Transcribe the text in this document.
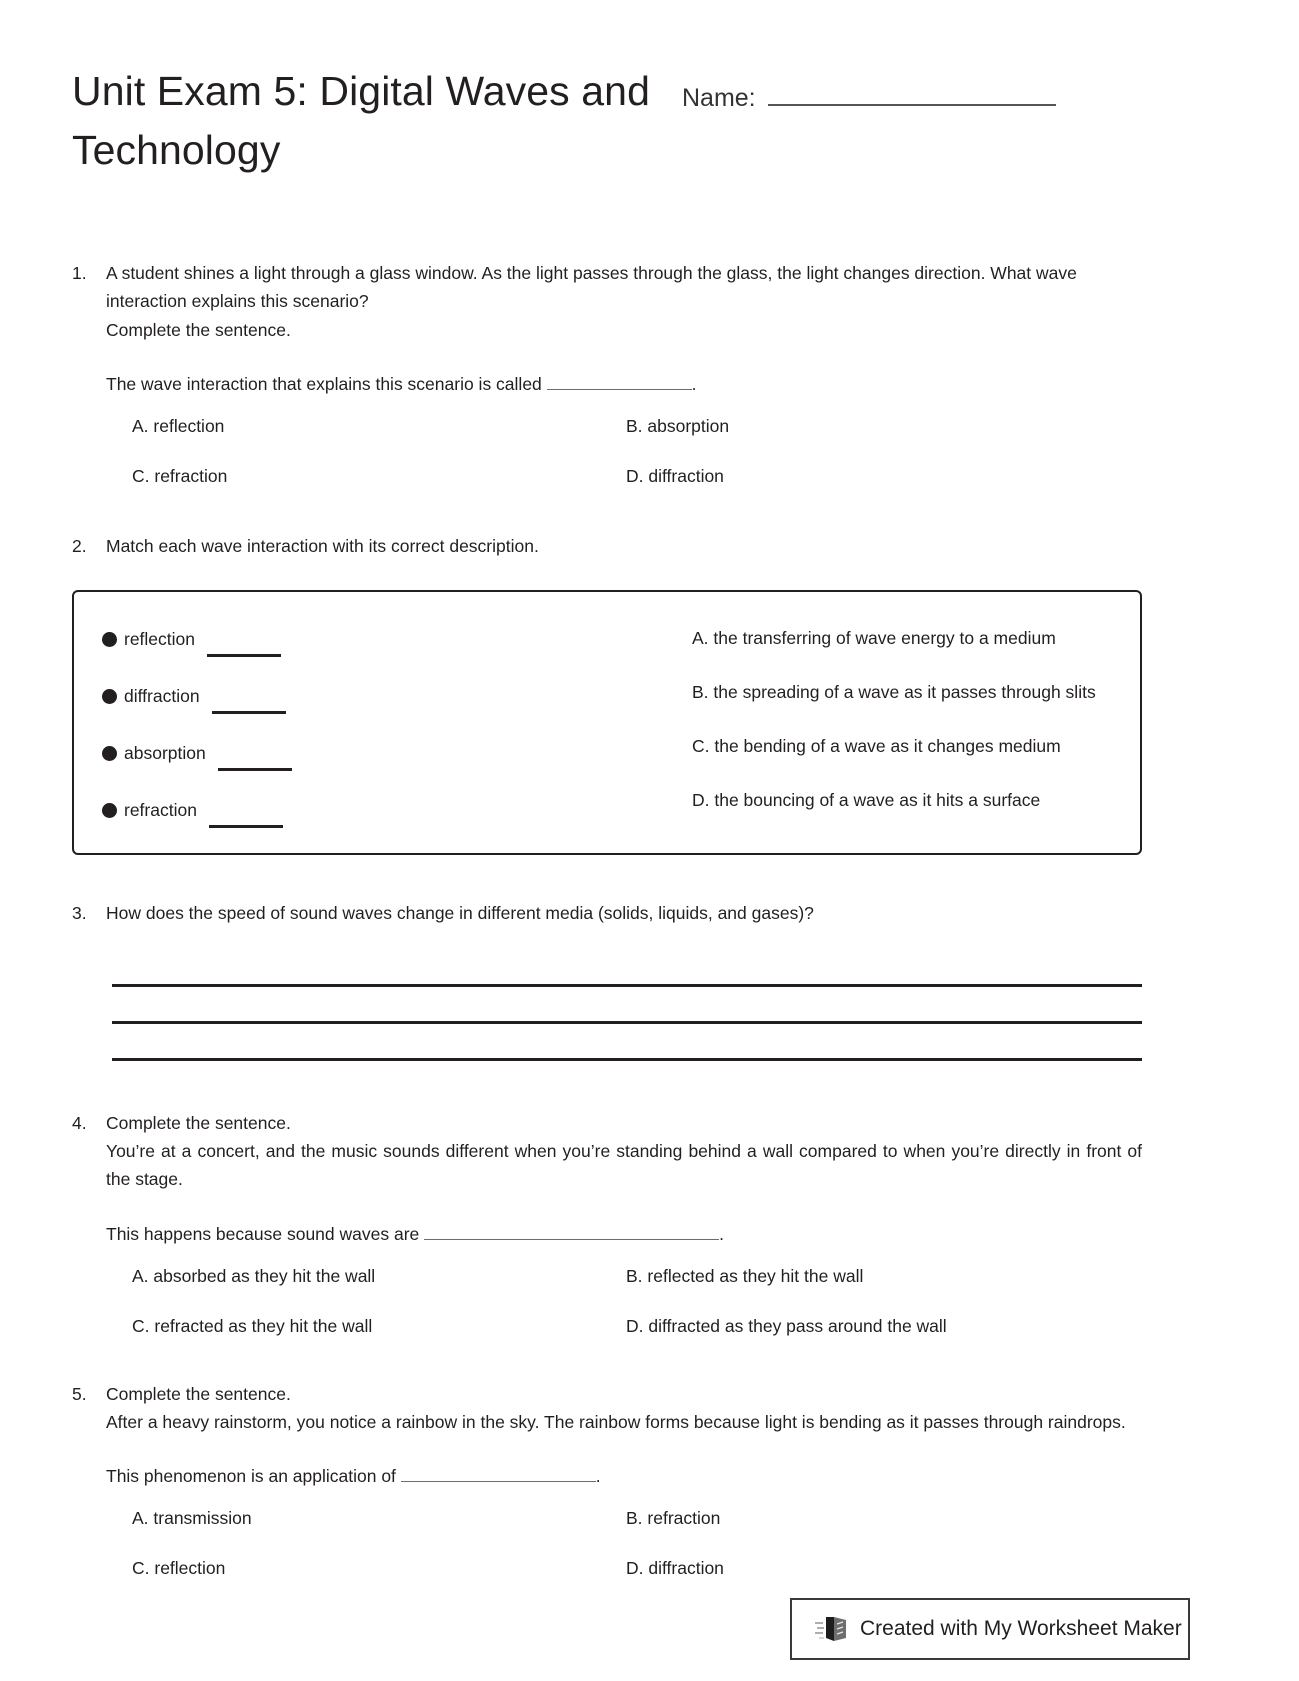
Unit Exam 5: Digital Waves and Technology
Name:
1.	A student shines a light through a glass window. As the light passes through the glass, the light changes direction. What wave interaction explains this scenario?
Complete the sentence.
The wave interaction that explains this scenario is called	.
A. reflection	B. absorption
C. refraction	D. diffraction
2.	Match each wave interaction with its correct description.
reflection
diffraction
absorption
refraction
A. the transferring of wave energy to a medium
B. the spreading of a wave as it passes through slits
C. the bending of a wave as it changes medium
D. the bouncing of a wave as it hits a surface
3.	How does the speed of sound waves change in different media (solids, liquids, and gases)?
4.	Complete the sentence.
You’re at a concert, and the music sounds different when you’re standing behind a wall compared to when you’re directly in front of the stage.
This happens because sound waves are	.
A. absorbed as they hit the wall	B. reflected as they hit the wall
C. refracted as they hit the wall	D. diffracted as they pass around the wall
5.	Complete the sentence.
After a heavy rainstorm, you notice a rainbow in the sky. The rainbow forms because light is bending as it passes through raindrops.
This phenomenon is an application of	.
A. transmission	B. refraction
C. reflection	D. diffraction
Created with My Worksheet Maker
